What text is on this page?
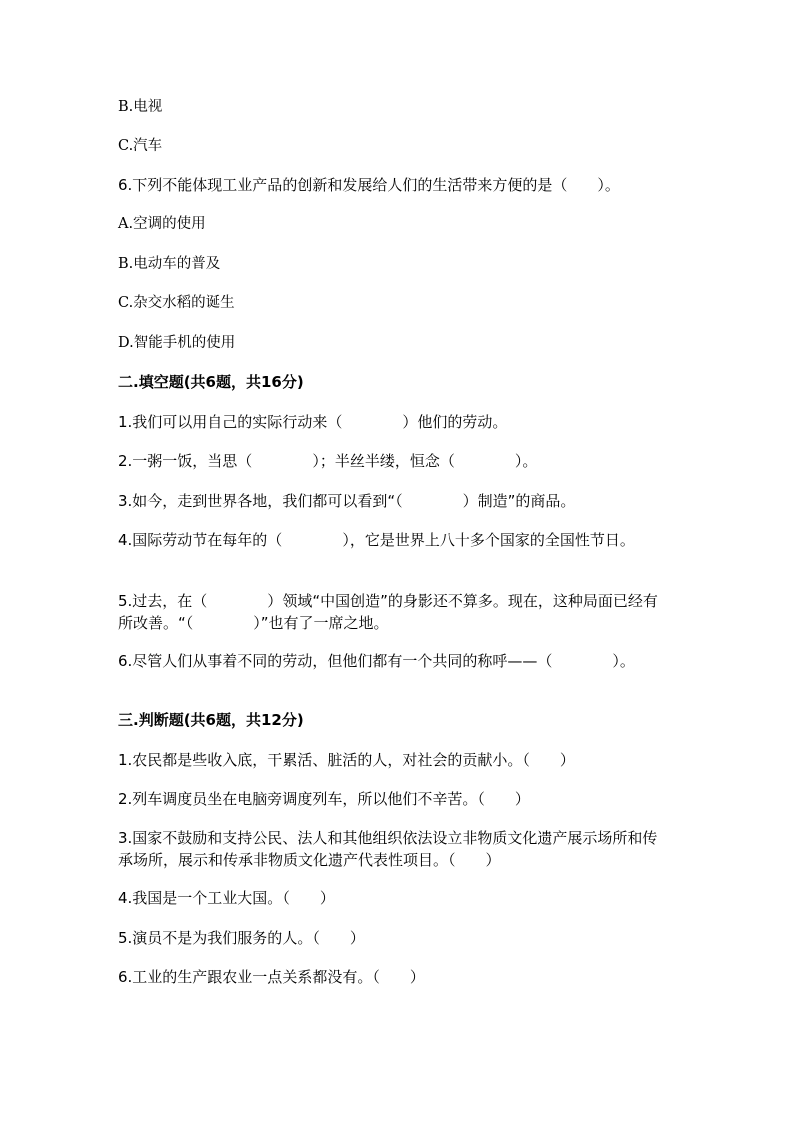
B.电视
C.汽车
6.下列不能体现工业产品的创新和发展给人们的生活带来方便的是（　　）。
A.空调的使用
B.电动车的普及
C.杂交水稻的诞生
D.智能手机的使用
二.填空题(共6题，共16分)
1.我们可以用自己的实际行动来（　　　　）他们的劳动。
2.一粥一饭，当思（　　　　）；半丝半缕，恒念（　　　　）。
3.如今，走到世界各地，我们都可以看到“（　　　　）制造”的商品。
4.国际劳动节在每年的（　　　　），它是世界上八十多个国家的全国性节日。
5.过去，在（　　　　）领域“中国创造”的身影还不算多。现在，这种局面已经有所改善。“（　　　　）”也有了一席之地。
6.尽管人们从事着不同的劳动，但他们都有一个共同的称呼——（　　　　）。
三.判断题(共6题，共12分)
1.农民都是些收入底，干累活、脏活的人，对社会的贡献小。（　　）
2.列车调度员坐在电脑旁调度列车，所以他们不辛苦。（　　）
3.国家不鼓励和支持公民、法人和其他组织依法设立非物质文化遗产展示场所和传承场所，展示和传承非物质文化遗产代表性项目。（　　）
4.我国是一个工业大国。（　　）
5.演员不是为我们服务的人。（　　）
6.工业的生产跟农业一点关系都没有。（　　）
